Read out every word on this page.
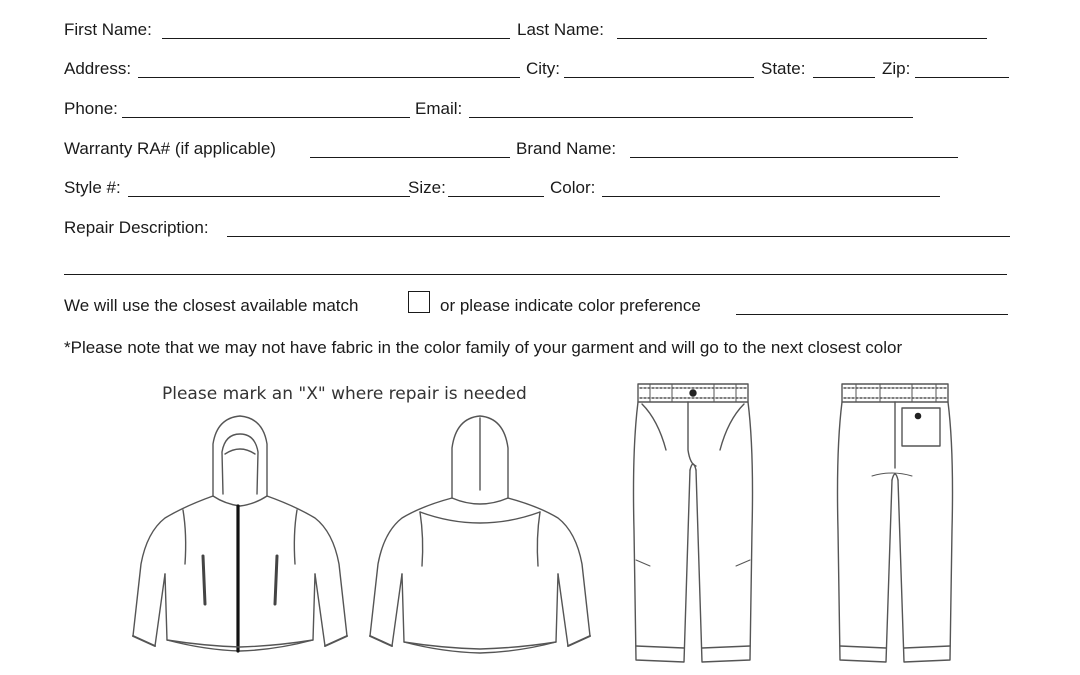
First Name:	Last Name:
Address:	City:	State:	Zip:
Phone:	Email:
Warranty RA# (if applicable)	Brand Name:
Style #:	Size:	Color:
Repair Description:
We will use the closest available match	or please indicate color preference
*Please note that we may not have fabric in the color family of your garment and will go to the next closest color
Please mark an "X" where repair is needed
